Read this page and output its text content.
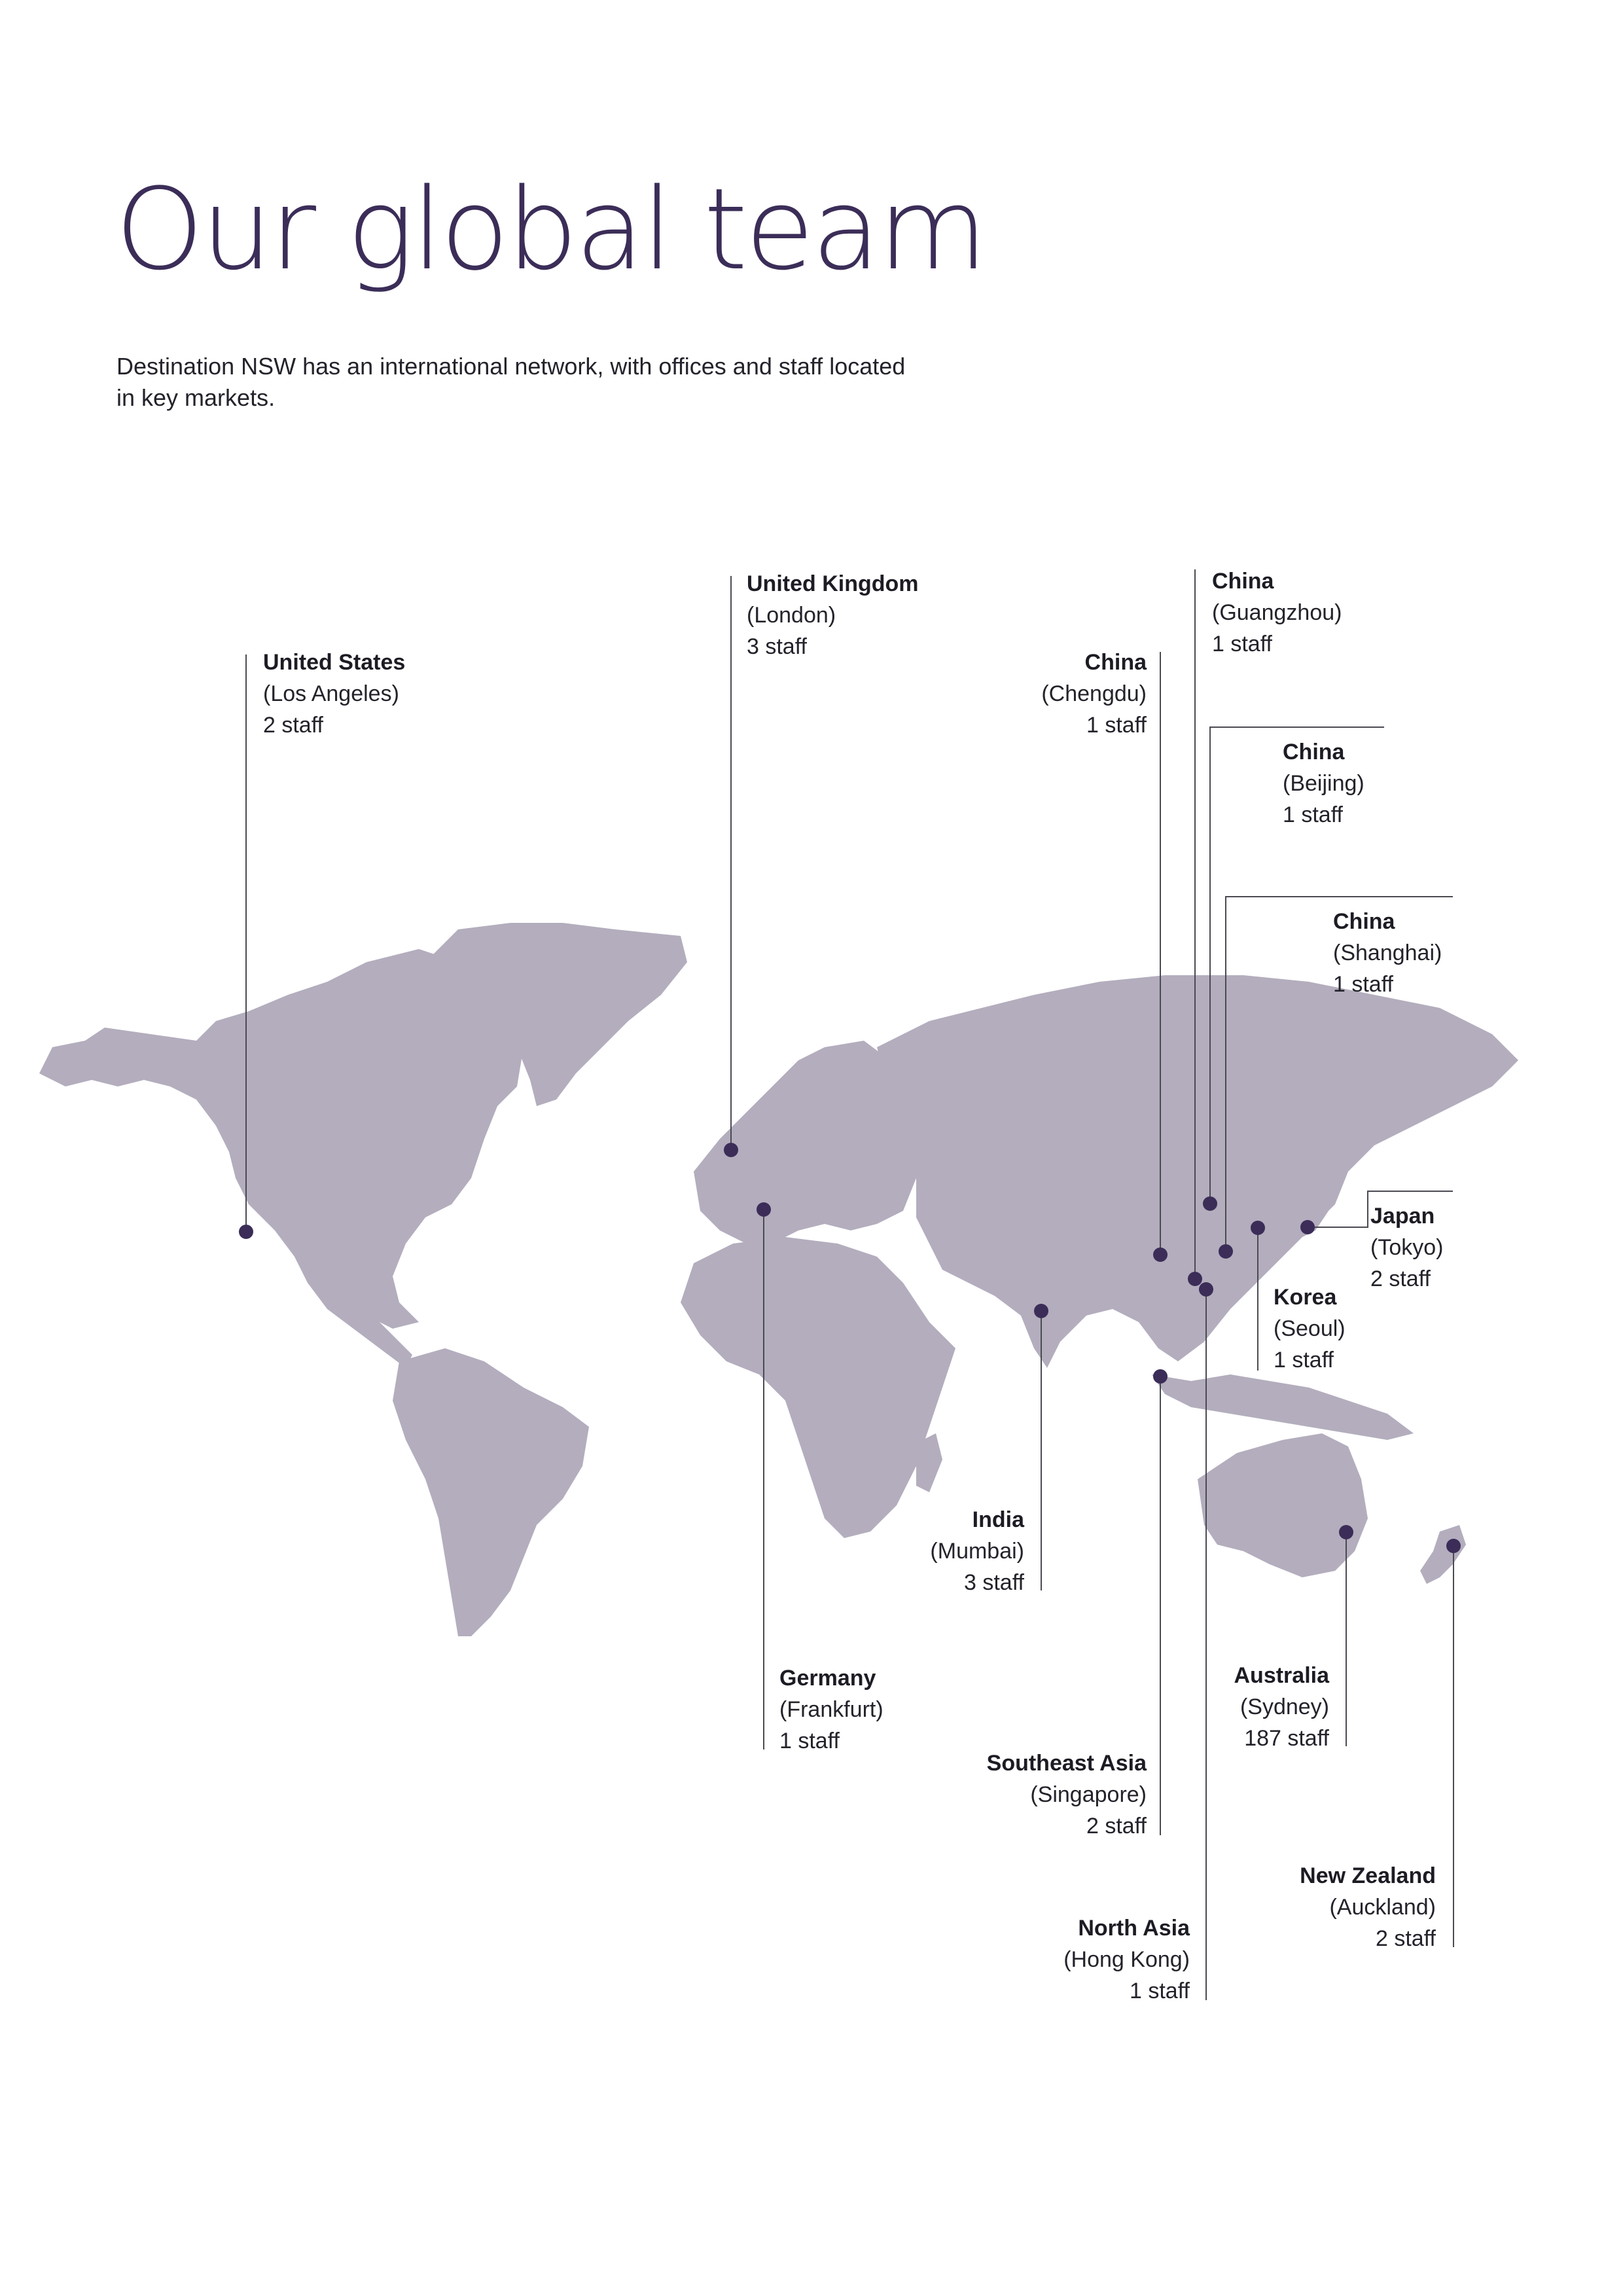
Our global team
Destination NSW has an international network, with offices and staff located in key markets.
United States
(Los Angeles)
2 staff
United Kingdom
(London)
3 staff
China
(Chengdu)
1 staff
China
(Guangzhou)
1 staff
China
(Beijing)
1 staff
China
(Shanghai)
1 staff
Japan
(Tokyo)
2 staff
Korea
(Seoul)
1 staff
India
(Mumbai)
3 staff
Germany
(Frankfurt)
1 staff
Australia
(Sydney)
187 staff
Southeast Asia
(Singapore)
2 staff
New Zealand
(Auckland)
2 staff
North Asia
(Hong Kong)
1 staff
